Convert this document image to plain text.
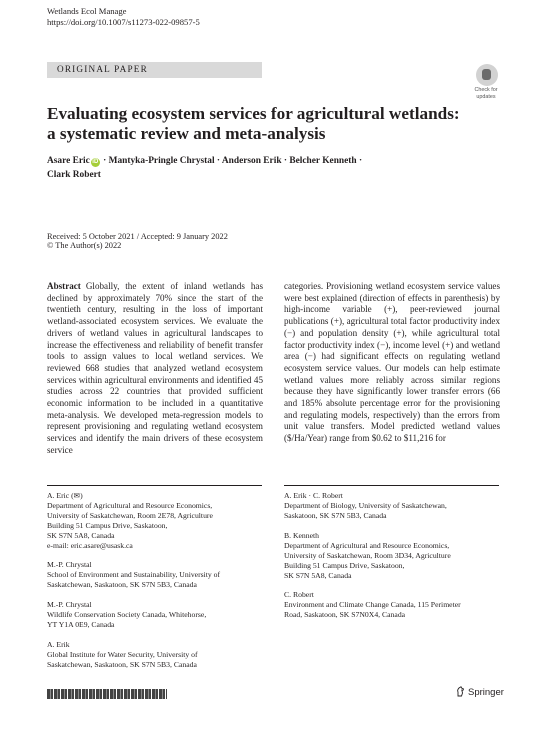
Wetlands Ecol Manage
https://doi.org/10.1007/s11273-022-09857-5
ORIGINAL PAPER
Check for
updates
Evaluating ecosystem services for agricultural wetlands:
a systematic review and meta-analysis
Asare Eric iD · Mantyka-Pringle Chrystal · Anderson Erik · Belcher Kenneth ·
Clark Robert
Received: 5 October 2021 / Accepted: 9 January 2022
© The Author(s) 2022
Abstract Globally, the extent of inland wetlands has declined by approximately 70% since the start of the twentieth century, resulting in the loss of important wetland-associated ecosystem services. We evaluate the drivers of wetland values in agricultural landscapes to increase the effectiveness and reliability of benefit transfer tools to assign values to local wetland services. We reviewed 668 studies that analyzed wetland ecosystem services within agricultural environments and identified 45 studies across 22 countries that provided sufficient economic information to be included in a quantitative meta-analysis. We developed meta-regression models to represent provisioning and regulating wetland ecosystem services and identify the main drivers of these ecosystem service
categories. Provisioning wetland ecosystem service values were best explained (direction of effects in parenthesis) by high-income variable (+), peer-reviewed journal publications (+), agricultural total factor productivity index (−) and population density (+), while agricultural total factor productivity index (−), income level (+) and wetland area (−) had significant effects on regulating wetland ecosystem service values. Our models can help estimate wetland values more reliably across similar regions because they have significantly lower transfer errors (66 and 185% absolute percentage error for the provisioning and regulating models, respectively) than the errors from unit value transfers. Model predicted wetland values ($/Ha/Year) range from $0.62 to $11,216 for
A. Eric (✉)
Department of Agricultural and Resource Economics,
University of Saskatchewan, Room 2E78, Agriculture
Building 51 Campus Drive, Saskatoon,
SK S7N 5A8, Canada
e-mail: eric.asare@usask.ca
M.-P. Chrystal
School of Environment and Sustainability, University of
Saskatchewan, Saskatoon, SK S7N 5B3, Canada
M.-P. Chrystal
Wildlife Conservation Society Canada, Whitehorse,
YT Y1A 0E9, Canada
A. Erik
Global Institute for Water Security, University of
Saskatchewan, Saskatoon, SK S7N 5B3, Canada
A. Erik · C. Robert
Department of Biology, University of Saskatchewan,
Saskatoon, SK S7N 5B3, Canada
B. Kenneth
Department of Agricultural and Resource Economics,
University of Saskatchewan, Room 3D34, Agriculture
Building 51 Campus Drive, Saskatoon,
SK S7N 5A8, Canada
C. Robert
Environment and Climate Change Canada, 115 Perimeter
Road, Saskatoon, SK S7N0X4, Canada
Springer
